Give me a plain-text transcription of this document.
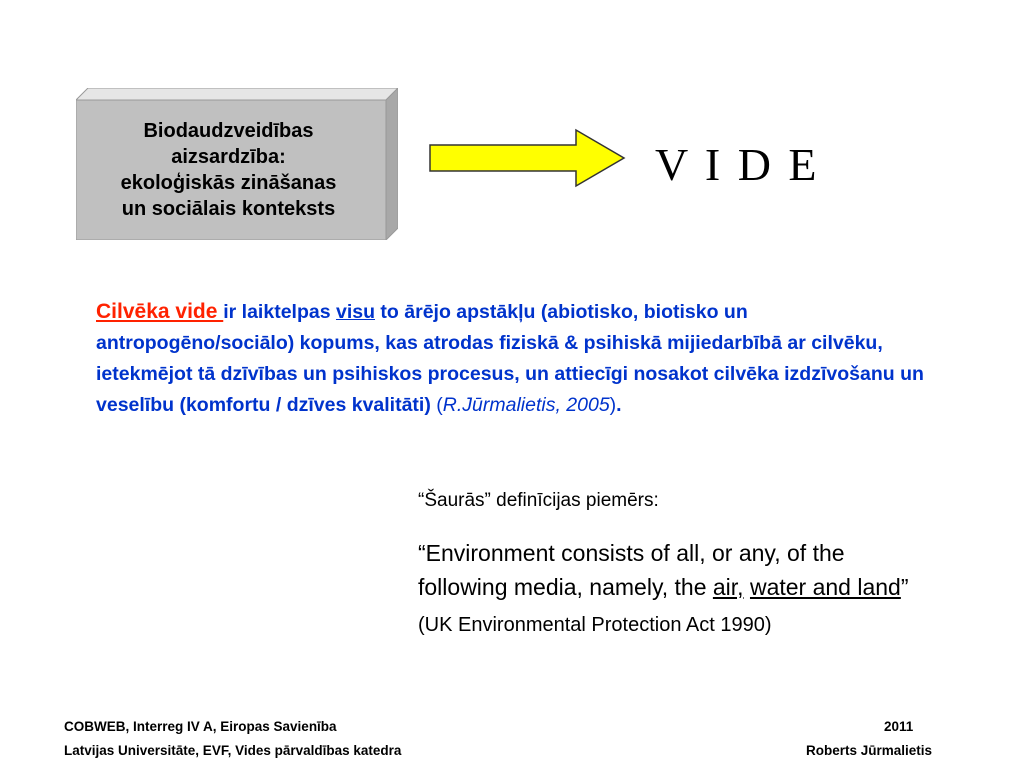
Biodaudzveidības
aizsardzība:
ekoloģiskās zināšanas
un sociālais konteksts
V I D E
Cilvēka vide ir laiktelpas visu to ārējo apstākļu (abiotisko, biotisko un antropogēno/sociālo) kopums, kas atrodas fiziskā & psihiskā mijiedarbībā ar cilvēku, ietekmējot tā dzīvības un psihiskos procesus, un attiecīgi nosakot cilvēka izdzīvošanu un veselību (komfortu / dzīves kvalitāti) (R.Jūrmalietis, 2005).
“Šaurās” definīcijas piemērs:
“Environment consists of all, or any, of the following media, namely, the air, water and land” (UK Environmental Protection Act 1990)
COBWEB, Interreg IV A, Eiropas Savienība
Latvijas Universitāte, EVF, Vides pārvaldības katedra
2011
Roberts Jūrmalietis
